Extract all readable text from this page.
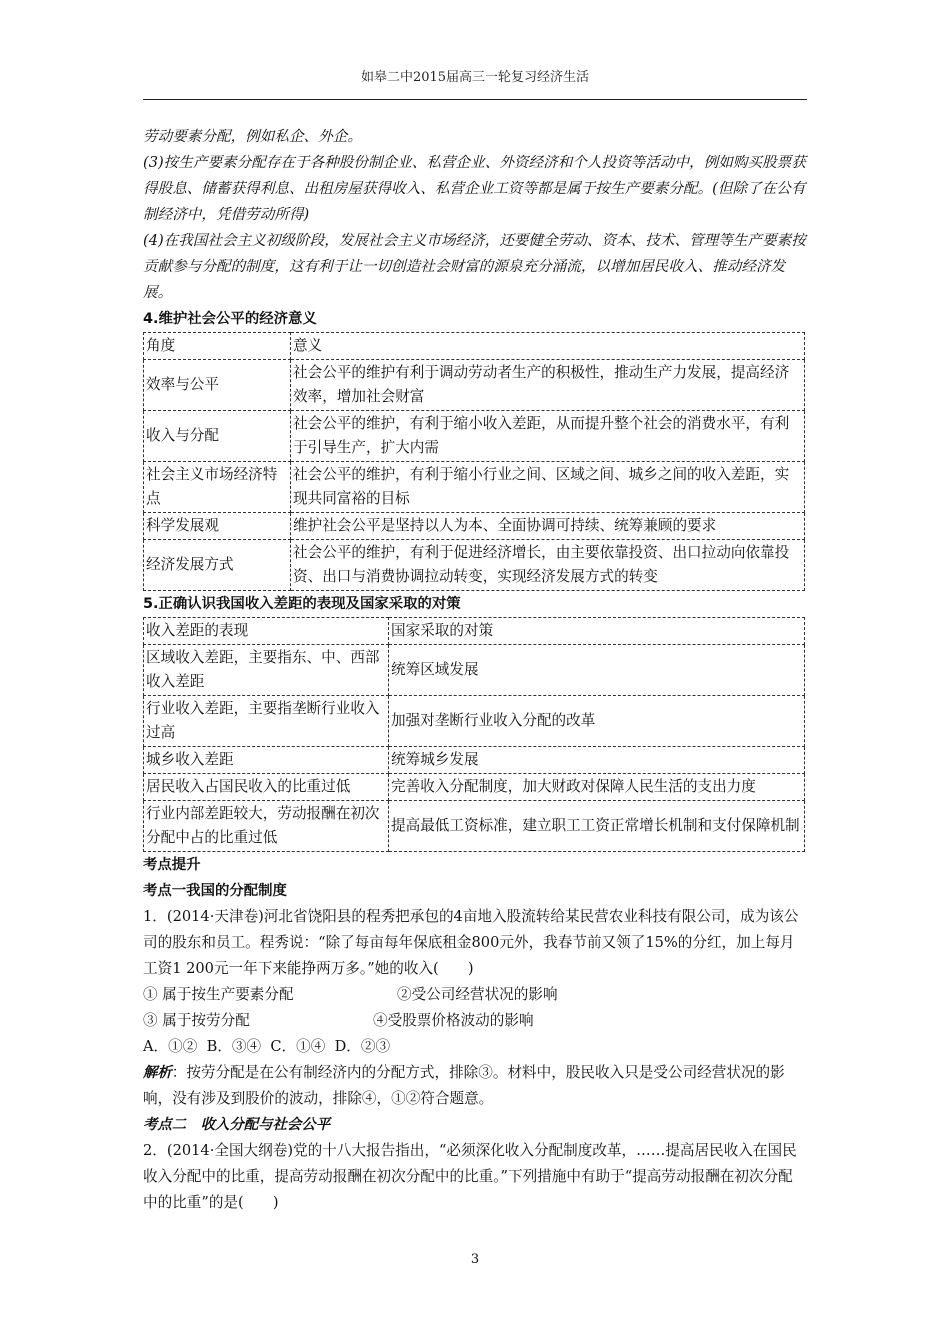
如皋二中2015届高三一轮复习经济生活

劳动要素分配，例如私企、外企。

(3)按生产要素分配存在于各种股份制企业、私营企业、外资经济和个人投资等活动中，例如购买股票获得股息、储蓄获得利息、出租房屋获得收入、私营企业工资等都是属于按生产要素分配。(但除了在公有制经济中，凭借劳动所得)

(4)在我国社会主义初级阶段，发展社会主义市场经济，还要健全劳动、资本、技术、管理等生产要素按贡献参与分配的制度，这有利于让一切创造社会财富的源泉充分涌流，以增加居民收入、推动经济发展。

4.维护社会公平的经济意义

角度	意义
效率与公平	社会公平的维护有利于调动劳动者生产的积极性，推动生产力发展，提高经济效率，增加社会财富
收入与分配	社会公平的维护，有利于缩小收入差距，从而提升整个社会的消费水平，有利于引导生产，扩大内需
社会主义市场经济特点	社会公平的维护，有利于缩小行业之间、区域之间、城乡之间的收入差距，实现共同富裕的目标
科学发展观	维护社会公平是坚持以人为本、全面协调可持续、统筹兼顾的要求
经济发展方式	社会公平的维护，有利于促进经济增长，由主要依靠投资、出口拉动向依靠投资、出口与消费协调拉动转变，实现经济发展方式的转变

5.正确认识我国收入差距的表现及国家采取的对策

收入差距的表现	国家采取的对策
区域收入差距，主要指东、中、西部收入差距	统筹区域发展
行业收入差距，主要指垄断行业收入过高	加强对垄断行业收入分配的改革
城乡收入差距	统筹城乡发展
居民收入占国民收入的比重过低	完善收入分配制度，加大财政对保障人民生活的支出力度
行业内部差距较大，劳动报酬在初次分配中占的比重过低	提高最低工资标准，建立职工工资正常增长机制和支付保障机制

考点提升

考点一我国的分配制度

1．(2014·天津卷)河北省饶阳县的程秀把承包的4亩地入股流转给某民营农业科技有限公司，成为该公司的股东和员工。程秀说：“除了每亩每年保底租金800元外，我春节前又领了15%的分红，加上每月工资1 200元一年下来能挣两万多。”她的收入(　　)

① 属于按生产要素分配	②受公司经营状况的影响

③ 属于按劳分配	④受股票价格波动的影响

A．①②  B．③④  C．①④  D．②③

解析：按劳分配是在公有制经济内的分配方式，排除③。材料中，股民收入只是受公司经营状况的影响，没有涉及到股价的波动，排除④，①②符合题意。

考点二　收入分配与社会公平

2．(2014·全国大纲卷)党的十八大报告指出，“必须深化收入分配制度改革，……提高居民收入在国民收入分配中的比重，提高劳动报酬在初次分配中的比重。”下列措施中有助于“提高劳动报酬在初次分配中的比重”的是(　　)

3
